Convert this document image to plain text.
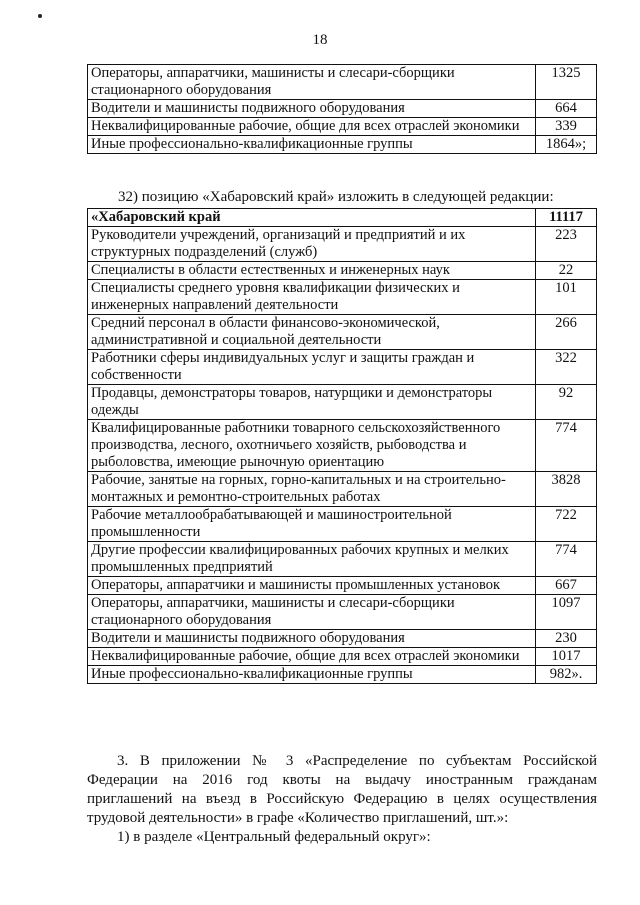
18
Операторы, аппаратчики, машинисты и слесари-сборщики стационарного оборудования	1325
Водители и машинисты подвижного оборудования	664
Неквалифицированные рабочие, общие для всех отраслей экономики	339
Иные профессионально-квалификационные группы	1864»;

32) позицию «Хабаровский край» изложить в следующей редакции:

«Хабаровский край	11117
Руководители учреждений, организаций и предприятий и их структурных подразделений (служб)	223
Специалисты в области естественных и инженерных наук	22
Специалисты среднего уровня квалификации физических и инженерных направлений деятельности	101
Средний персонал в области финансово-экономической, административной и социальной деятельности	266
Работники сферы индивидуальных услуг и защиты граждан и собственности	322
Продавцы, демонстраторы товаров, натурщики и демонстраторы одежды	92
Квалифицированные работники товарного сельскохозяйственного производства, лесного, охотничьего хозяйств, рыбоводства и рыболовства, имеющие рыночную ориентацию	774
Рабочие, занятые на горных, горно-капитальных и на строительно-монтажных и ремонтно-строительных работах	3828
Рабочие металлообрабатывающей и машиностроительной промышленности	722
Другие профессии квалифицированных рабочих крупных и мелких промышленных предприятий	774
Операторы, аппаратчики и машинисты промышленных установок	667
Операторы, аппаратчики, машинисты и слесари-сборщики стационарного оборудования	1097
Водители и машинисты подвижного оборудования	230
Неквалифицированные рабочие, общие для всех отраслей экономики	1017
Иные профессионально-квалификационные группы	982».

3. В приложении № 3 «Распределение по субъектам Российской Федерации на 2016 год квоты на выдачу иностранным гражданам приглашений на въезд в Российскую Федерацию в целях осуществления трудовой деятельности» в графе «Количество приглашений, шт.»:

1) в разделе «Центральный федеральный округ»:
